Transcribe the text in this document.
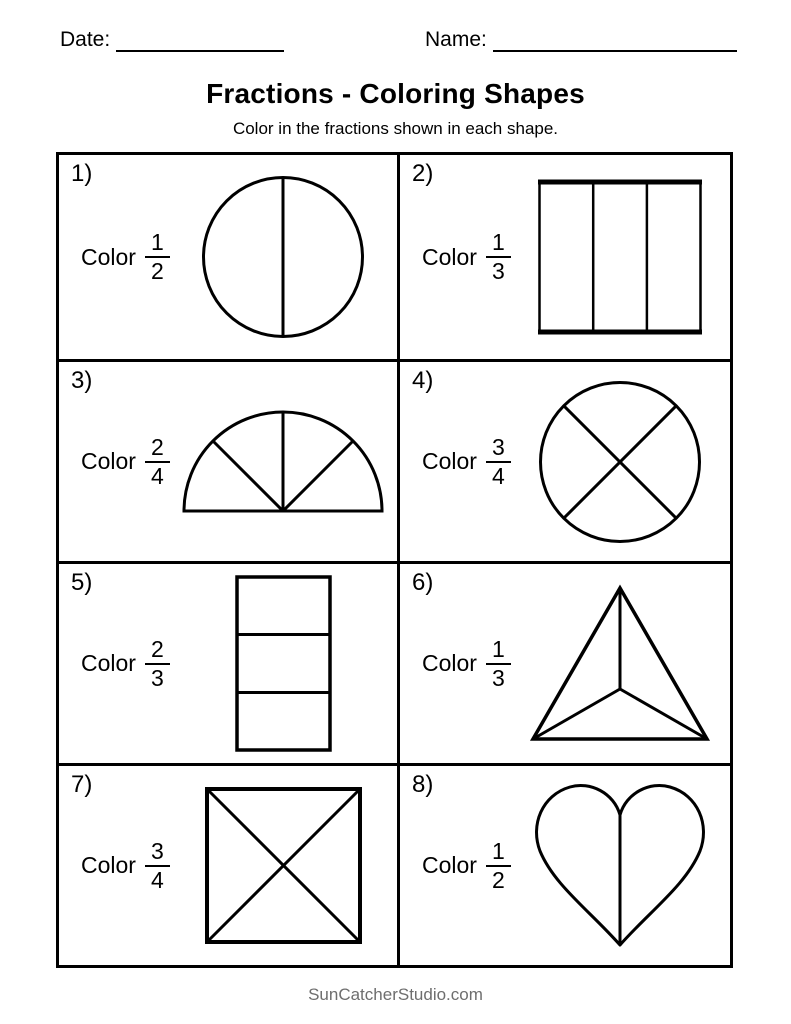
Date:	Name:
Fractions - Coloring Shapes
Color in the fractions shown in each shape.
1)
Color $\frac{1}{2}$
2)
Color $\frac{1}{3}$
3)
Color $\frac{2}{4}$
4)
Color $\frac{3}{4}$
5)
Color $\frac{2}{3}$
6)
Color $\frac{1}{3}$
7)
Color $\frac{3}{4}$
8)
Color $\frac{1}{2}$
SunCatcherStudio.com
